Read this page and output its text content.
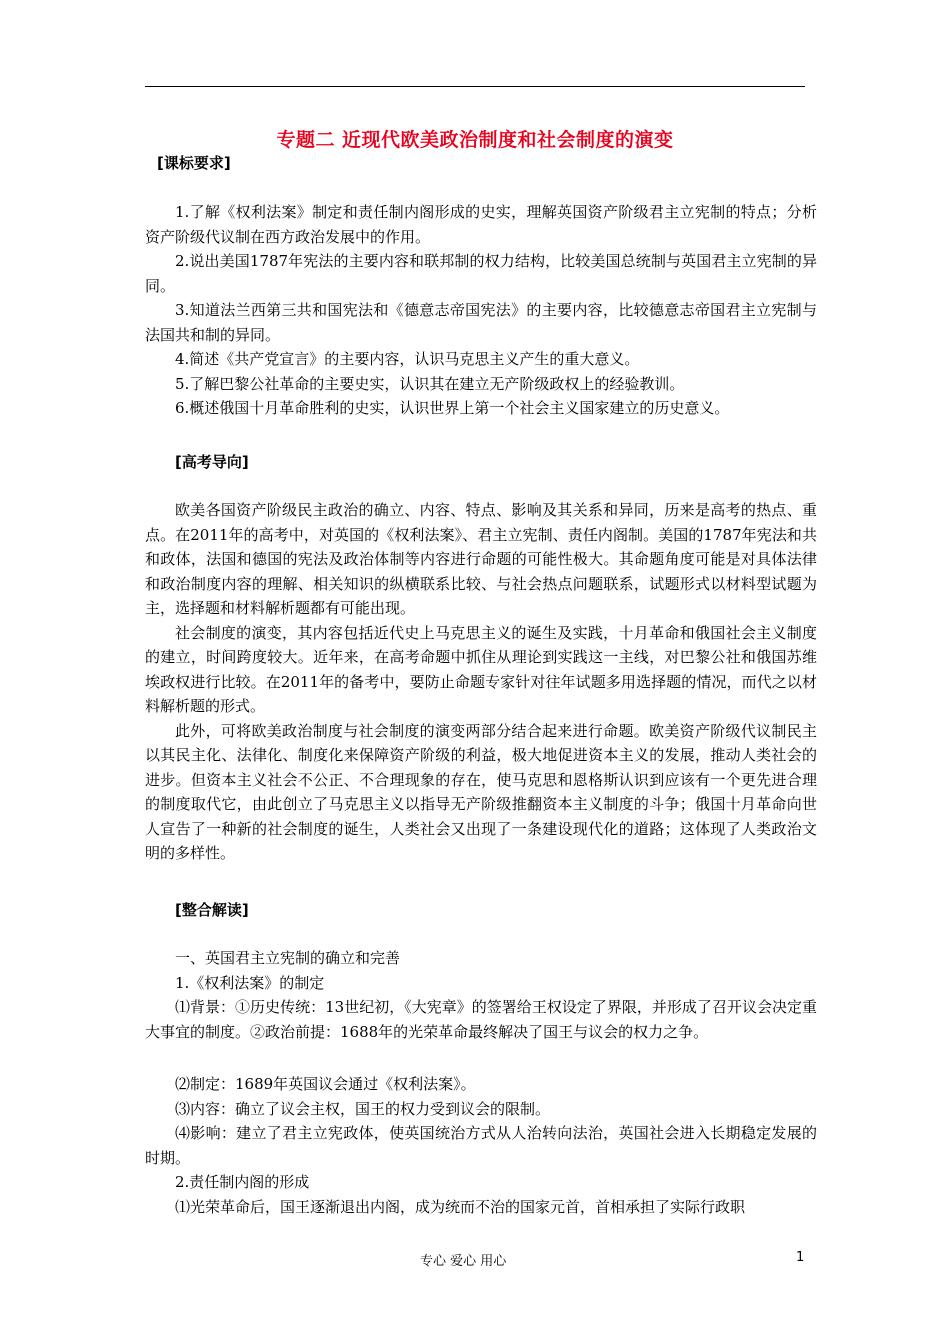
专题二 近现代欧美政治制度和社会制度的演变
[课标要求]

1.了解《权利法案》制定和责任制内阁形成的史实，理解英国资产阶级君主立宪制的特点；分析资产阶级代议制在西方政治发展中的作用。

2.说出美国1787年宪法的主要内容和联邦制的权力结构，比较美国总统制与英国君主立宪制的异同。

3.知道法兰西第三共和国宪法和《德意志帝国宪法》的主要内容，比较德意志帝国君主立宪制与法国共和制的异同。

4.简述《共产党宣言》的主要内容，认识马克思主义产生的重大意义。

5.了解巴黎公社革命的主要史实，认识其在建立无产阶级政权上的经验教训。

6.概述俄国十月革命胜利的史实，认识世界上第一个社会主义国家建立的历史意义。

[高考导向]

欧美各国资产阶级民主政治的确立、内容、特点、影响及其关系和异同，历来是高考的热点、重点。在2011年的高考中，对英国的《权利法案》、君主立宪制、责任内阁制。美国的1787年宪法和共和政体，法国和德国的宪法及政治体制等内容进行命题的可能性极大。其命题角度可能是对具体法律和政治制度内容的理解、相关知识的纵横联系比较、与社会热点问题联系，试题形式以材料型试题为主，选择题和材料解析题都有可能出现。

社会制度的演变，其内容包括近代史上马克思主义的诞生及实践，十月革命和俄国社会主义制度的建立，时间跨度较大。近年来，在高考命题中抓住从理论到实践这一主线，对巴黎公社和俄国苏维埃政权进行比较。在2011年的备考中，要防止命题专家针对往年试题多用选择题的情况，而代之以材料解析题的形式。

此外，可将欧美政治制度与社会制度的演变两部分结合起来进行命题。欧美资产阶级代议制民主以其民主化、法律化、制度化来保障资产阶级的利益，极大地促进资本主义的发展，推动人类社会的进步。但资本主义社会不公正、不合理现象的存在，使马克思和恩格斯认识到应该有一个更先进合理的制度取代它，由此创立了马克思主义以指导无产阶级推翻资本主义制度的斗争；俄国十月革命向世人宣告了一种新的社会制度的诞生，人类社会又出现了一条建设现代化的道路；这体现了人类政治文明的多样性。

[整合解读]

一、英国君主立宪制的确立和完善

1.《权利法案》的制定

⑴背景：①历史传统：13世纪初，《大宪章》的签署给王权设定了界限，并形成了召开议会决定重大事宜的制度。②政治前提：1688年的光荣革命最终解决了国王与议会的权力之争。

⑵制定：1689年英国议会通过《权利法案》。

⑶内容：确立了议会主权，国王的权力受到议会的限制。

⑷影响：建立了君主立宪政体，使英国统治方式从人治转向法治，英国社会进入长期稳定发展的时期。

2.责任制内阁的形成

⑴光荣革命后，国王逐渐退出内阁，成为统而不治的国家元首，首相承担了实际行政职

专心 爱心 用心	1
